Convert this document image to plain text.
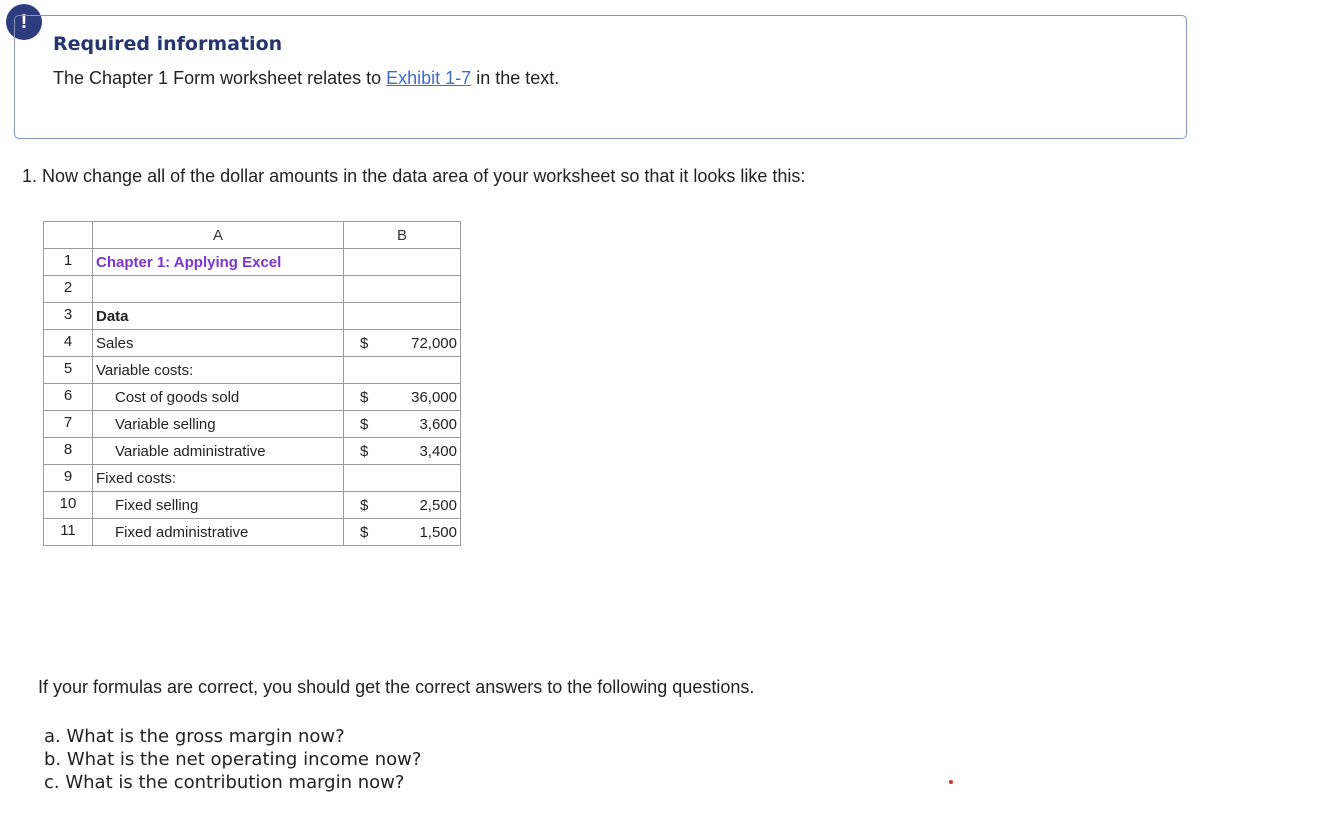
!
Required information
The Chapter 1 Form worksheet relates to Exhibit 1-7 in the text.
1. Now change all of the dollar amounts in the data area of your worksheet so that it looks like this:
	A	B
1	Chapter 1: Applying Excel	

2		

3	Data	

4	Sales	$ 72,000

5	Variable costs:	

6	Cost of goods sold	$ 36,000

7	Variable selling	$ 3,600

8	Variable administrative	$ 3,400

9	Fixed costs:	

10	Fixed selling	$ 2,500

11	Fixed administrative	$ 1,500
If your formulas are correct, you should get the correct answers to the following questions.
a. What is the gross margin now?
b. What is the net operating income now?
c. What is the contribution margin now?
